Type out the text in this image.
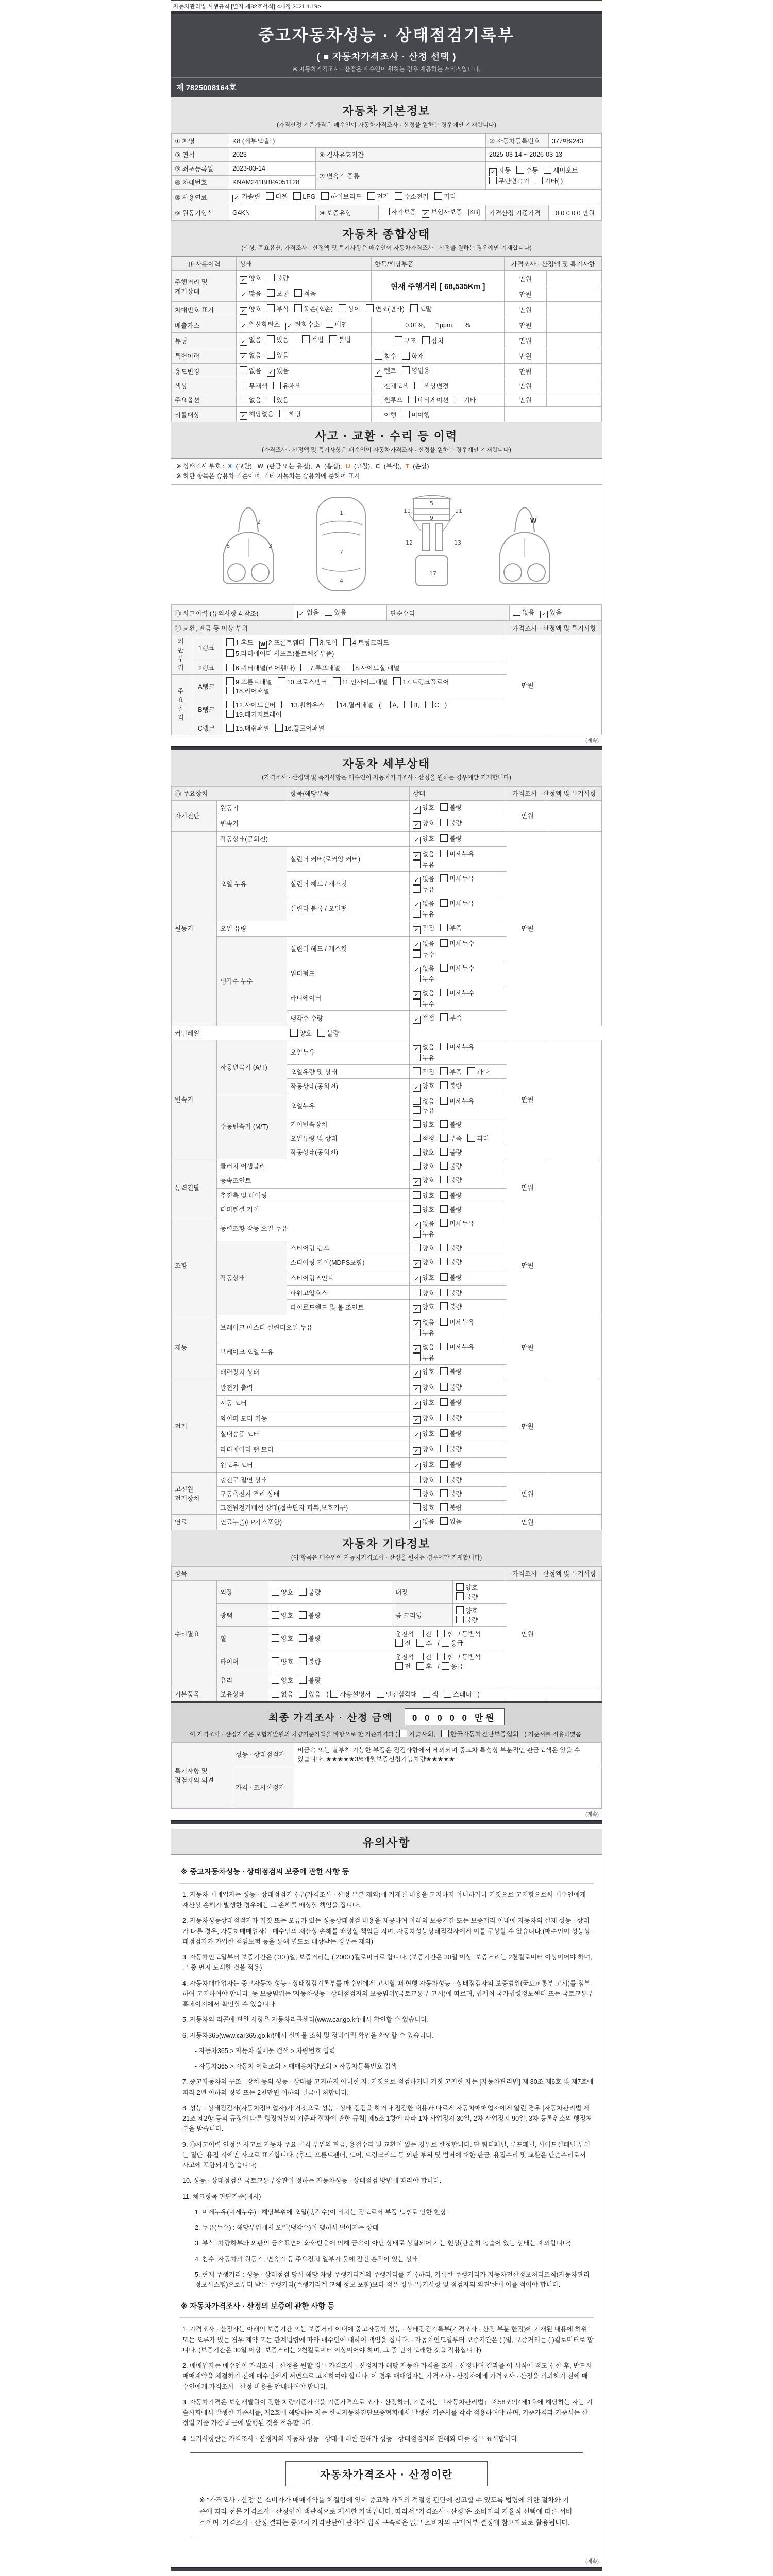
자동차관리법 시행규칙 [별지 제82호서식] <개정 2021.1.19>
중고자동차성능 · 상태점검기록부
( ■ 자동차가격조사 · 산정 선택 )
※ 자동차가격조사 · 산정은 매수인이 원하는 경우 제공하는 서비스입니다.
제 7825008164호
자동차 기본정보
(가격산정 기준가격은 매수인이 자동차가격조사 · 산정을 원하는 경우에만 기재합니다)
① 차명	K8 (세부모델: )			② 자동차등록번호	377마9243
③ 연식	2023	④ 검사유효기간		2025-03-14 ~ 2026-03-13	
⑤ 최초등록일	2023-03-14	⑦ 변속기 종류		✓ 자동 수동 세미오토
무단변속기 기타( )	
⑥ 차대번호	KNAM241BBPA051128				
⑧ 사용연료	✓ 가솔린 디젤 LPG 하이브리드 전기 수소전기 기타				
⑨ 원동기형식	G4KN	⑩ 보증유형	자가보증 ✓ 보험사보증 [KB]	가격산정 기준가격	0 0 0 0 0 만원
자동차 종합상태
(색상, 주요옵션, 가격조사 · 산정액 및 특기사항은 매수인이 자동차가격조사 · 산정을 원하는 경우에만 기재합니다)
⑪ 사용이력	상태	항목/해당부품	가격조사 · 산정액 및 특기사항	
주행거리 및 계기상태	✓ 양호 불량	현재 주행거리 [ 68,535Km ]	만원	
	✓ 많음 보통 적음		만원	
차대번호 표기	✓ 양호 부식 훼손(오손) 상이 변조(변타) 도말		만원	
배출가스	✓ 일산화탄소 ✓ 탄화수소 매연	0.01%,      1ppm,      %	만원	
튜닝	✓ 없음 있음 적법 불법	구조 장치	만원	
특별이력	✓ 없음 있음	침수 화재	만원	
용도변경	없음 ✓ 있음	✓ 렌트 영업용	만원	
색상	무채색 유채색	전체도색 색상변경	만원	
주요옵션	없음 있음	썬루프 네비게이션 기타	만원	
리콜대상	✓ 해당없음 해당	이행 미이행		
사고 · 교환 · 수리 등 이력
(가격조사 · 산정액 및 특기사항은 매수인이 자동차가격조사 · 산정을 원하는 경우에만 기재합니다)
※ 상태표시 부호 : X (교환), W (판금 또는 용접), A (흠집), U (요철), C (부식), T (손상)
※ 하단 항목은 승용차 기준이며, 기타 자동차는 승용차에 준하여 표시
2
3
6
1
4
7
11
5
9
11
12	13
17
W
⑬ 사고이력 (유의사항 4.참조)	✓ 없음 있음	단순수리	없음 ✓ 있음
⑭ 교환, 판금 등 이상 부위			가격조사 · 산정액 및 특기사항	
외판부위	1랭크	1.후드 W 2.프론트휀더 3.도어 4.트렁크리드
5.라디에이터 서포트(볼트체결부품)	만원	
	2랭크	6.쿼터패널(리어휀다) 7.루프패널 8.사이드실 패널		
주요골격	A랭크	9.프론트패널 10.크로스멤버 11.인사이드패널 17.트렁크플로어
18.리어패널		
	B랭크	12.사이드멤버 13.휠하우스 14.필러패널 ( A, B, C )
19.패키지트레이		
	C랭크	15.대쉬패널 16.플로어패널		
(계속)
자동차 세부상태
(가격조사 · 산정액 및 특기사항은 매수인이 자동차가격조사 · 산정을 원하는 경우에만 기재합니다)
⑮ 주요장치		항목/해당부품	상태	가격조사 · 산정액 및 특기사항	
자기진단	원동기		✓ 양호 불량	만원	
	변속기		✓ 양호 불량		
원동기	작동상태(공회전)		✓ 양호 불량	만원	
	오일 누유	실린더 커버(로커암 커버)	✓ 없음 미세누유누유		
		실린더 헤드 / 개스킷	✓ 없음 미세누유누유		
		실린더 블록 / 오일팬	✓ 없음 미세누유누유		
	오일 유량		✓ 적정 부족		
	냉각수 누수	실린더 헤드 / 개스킷	✓ 없음 미세누수누수		
		워터펌프	✓ 없음 미세누수누수		
		라디에이터	✓ 없음 미세누수누수		
		냉각수 수량	✓ 적정 부족		
커먼레일		양호 불량			
변속기	자동변속기 (A/T)	오일누유	✓ 없음 미세누유누유	만원	
		오일유량 및 상태	적정 부족 과다		
		작동상태(공회전)	✓ 양호 불량		
	수동변속기 (M/T)	오일누유	없음 미세누유누유		
		기어변속장치	양호 불량		
		오일유량 및 상태	적정 부족 과다		
		작동상태(공회전)	양호 불량		
동력전달	클러치 어셈블리		양호 불량	만원	
	등속조인트		✓ 양호 불량		
	추진축 및 베어링		양호 불량		
	디퍼렌셜 기어		양호 불량		
조향	동력조향 작동 오일 누유		✓ 없음 미세누유누유	만원	
	작동상태	스티어링 펌프	양호 불량		
		스티어링 기어(MDPS포함)	✓ 양호 불량		
		스티어링조인트	✓ 양호 불량		
		파워고압호스	양호 불량		
		타이로드엔드 및 볼 조인트	✓ 양호 불량		
제동	브레이크 마스터 실린더오일 누유		✓ 없음 미세누유누유	만원	
	브레이크 오일 누유		✓ 없음 미세누유누유		
	배력장치 상태		✓ 양호 불량		
전기	발전기 출력		✓ 양호 불량	만원	
	시동 모터		✓ 양호 불량		
	와이퍼 모터 기능		✓ 양호 불량		
	실내송풍 모터		✓ 양호 불량		
	라디에이터 팬 모터		✓ 양호 불량		
	윈도우 모터		✓ 양호 불량		
고전원 전기장치	충전구 절연 상태		양호 불량	만원	
	구동축전지 격리 상태		양호 불량		
	고전원전기배선 상태(접속단자,피복,보호기구)		양호 불량		
연료	연료누출(LP가스포함)		✓ 없음 있음	만원	
자동차 기타정보
(이 항목은 매수인이 자동차가격조사 · 산정을 원하는 경우에만 기재합니다)
항목					가격조사 · 산정액 및 특기사항	
수리필요	외장	양호 불량	내장	양호불량	만원	
	광택	양호 불량	룸 크리닝	양호불량		
	휠	양호 불량	운전석 전 후 / 동반석전 후 / 응급			
	타이어	양호 불량	운전석 전 후 / 동반석전 후 / 응급			
	유리	양호 불량				
기본품목	보유상태	없음 있음 ( 사용설명서 안전삼각대 잭 스패너 )				
최종 가격조사 · 산정 금액 0 0 0 0 0 만원
이 가격조사 · 산정가격은 보험개발원의 차량기준가액을 바탕으로 한 기준가격과 ( 기술사회, 한국자동차진단보증협회 ) 기준서를 적용하였음
특기사항 및 점검자의 의견	성능 · 상태점검자	비금속 또는 탈부착 가능한 부품은 점검사항에서 제외되며 중고차 특성상 부분적인 판금도색은 있을 수 있습니다. ★★★★★3/6개월보증신청가능차량★★★★★
	가격 · 조사산정자	
(계속)
유의사항
※ 중고자동차성능 · 상태점검의 보증에 관한 사항 등
1. 자동차 매매업자는 성능 · 상태점검기록부(가격조사 · 산정 부분 제외)에 기재된 내용을 고지하지 아니하거나 거짓으로 고지함으로써 매수인에게 재산상 손해가 발생한 경우에는 그 손해를 배상할 책임을 집니다.
2. 자동차성능상태점검자가 거짓 또는 오류가 있는 성능상태점검 내용을 제공하여 아래의 보증기간 또는 보증거리 이내에 자동차의 실제 성능 · 상태가 다른 경우, 자동차매매업자는 매수인의 재산상 손해를 배상할 책임을 지며, 자동차성능상태점검자에게 이를 구상할 수 있습니다.(매수인이 성능상태점검자가 가입한 책임보험 등을 통해 별도로 배상받는 경우는 제외)
3. 자동차인도일부터 보증기간은 ( 30 )일, 보증거리는 ( 2000 )킬로미터로 합니다. (보증기간은 30일 이상, 보증거리는 2천킬로미터 이상이어야 하며, 그 중 먼저 도래한 것을 적용)
4. 자동차매매업자는 중고자동차 성능 · 상태점검기록부를 매수인에게 고지할 때 현행 자동차성능 · 상태점검자의 보증범위(국토교통부 고시)를 첨부하여 고지하여야 합니다. 동 보증범위는 '자동차성능 · 상태점검자의 보증범위'(국토교통부 고시)에 따르며, 법제처 국가법령정보센터 또는 국토교통부 홈페이지에서 확인할 수 있습니다.
5. 자동차의 리콜에 관한 사항은 자동차리콜센터(www.car.go.kr)에서 확인할 수 있습니다.
6. 자동차365(www.car365.go.kr)에서 실매물 조회 및 정비이력 확인을 확인할 수 있습니다.
- 자동차365 > 자동차 실매물 검색 > 차량번호 입력
- 자동차365 > 자동차 이력조회 > 매매용차량조회 > 자동차등록번호 검색
7. 중고자동차의 구조 · 장치 등의 성능 · 상태를 고지하지 아니한 자, 거짓으로 점검하거나 거짓 고지한 자는 [자동차관리법] 제 80조 제6호 및 제7호에 따라 2년 이하의 징역 또는 2천만원 이하의 벌금에 처합니다.
8. 성능 · 상태점검자(자동차정비업자)가 거짓으로 성능 · 상태 점검을 하거나 점검한 내용과 다르게 자동차매매업자에게 알린 경우 [자동차관리법 제21조 제2항 등의 규정에 따른 행정처분의 기준과 절차에 관한 규칙] 제5조 1항에 따라 1차 사업정지 30일, 2차 사업정지 90일, 3차 등록취소의 행정처분을 받습니다.
9. ⑬사고이력 인정은 사고로 자동차 주요 골격 부위의 판금, 용접수리 및 교환이 있는 경우로 한정합니다. 단 쿼터패널, 루프패널, 사이드실패널 부위는 절단, 용접 시에만 사고로 표기합니다. (후드, 프론트펜더, 도어, 트렁크리드 등 외판 부위 및 범퍼에 대한 판금, 용접수리 및 교환은 단순수리로서 사고에 포함되지 않습니다)
10. 성능 · 상태점검은 국토교통부장관이 정하는 자동차성능 · 상태점검 방법에 따라야 합니다.
11. 체크항목 판단기준(예시)
1. 미세누유(미세누수) : 해당부위에 오일(냉각수)이 비치는 정도로서 부품 노후로 인한 현상
2. 누유(누수) : 해당부위에서 오일(냉각수)이 맺혀서 떨어지는 상태
3. 부식: 차량하부와 외판의 금속표면이 화학반응에 의해 금속이 아닌 상태로 상실되어 가는 현상(단순히 녹슬어 있는 상태는 제외합니다)
4. 침수: 자동차의 원동기, 변속기 등 주요장치 일부가 물에 잠긴 흔적이 있는 상태
5. 현재 주행거리 : 성능 · 상태점검 당시 해당 차량 주행거리계의 주행거리를 기록하되, 기록한 주행거리가 자동차전산정보처리조직(자동차관리정보시스템)으로부터 받은 주행거리(주행거리계 교체 정보 포함)보다 적은 경우 '특기사항 및 점검자의 의견'란에 이를 적어야 합니다.
※ 자동차가격조사 · 산정의 보증에 관한 사항 등
1. 가격조사 · 산정자는 아래의 보증기간 또는 보증거리 이내에 중고자동차 성능 · 상태점검기록부(가격조사 · 산정 부분 한정)에 기재된 내용에 허위 또는 오류가 있는 경우 계약 또는 관계법령에 따라 매수인에 대하여 책임을 집니다. · 자동차인도일부터 보증기간은 ( )일, 보증거리는 ( )킬로미터로 합니다. (보증기간은 30일 이상, 보증거리는 2천킬로미터 이상이어야 하며, 그 중 먼저 도래한 것을 적용합니다)
2. 매매업자는 매수인이 가격조사 · 산정을 원할 경우 가격조사 · 산정자가 해당 자동차 가격을 조사 · 산정하여 결과를 이 서식에 적도록 한 후, 반드시 매매계약을 체결하기 전에 매수인에게 서면으로 고지하여야 합니다. 이 경우 매매업자는 가격조사 · 산정자에게 가격조사 · 산정을 의뢰하기 전에 매수인에게 가격조사 · 산정 비용을 안내하여야 합니다.
3. 자동차가격은 보험개발원이 정한 차량기준가액을 기준가격으로 조사 · 산정하되, 기준서는 「자동차관리법」 제58조의4제1호에 해당하는 자는 기술사회에서 발행한 기준서를, 제2호에 해당하는 자는 한국자동차진단보증협회에서 발행한 기준서를 각각 적용하여야 하며, 기준가격과 기준서는 산정일 기준 가장 최근에 발행된 것을 적용합니다.
4. 특기사항란은 가격조사 · 산정자의 자동차 성능 · 상태에 대한 견해가 성능 · 상태점검자의 견해와 다를 경우 표시합니다.
자동차가격조사 · 산정이란
※ "가격조사 · 산정"은 소비자가 매매계약을 체결함에 있어 중고차 가격의 적절성 판단에 참고할 수 있도록 법령에 의한 절차와 기준에 따라 전문 가격조사 · 산정인이 객관적으로 제시한 가액입니다. 따라서 "가격조사 · 산정"은 소비자의 자율적 선택에 따른 서비스이며, 가격조사 · 산정 결과는 중고차 가격판단에 관하여 법적 구속력은 없고 소비자의 구매여부 결정에 참고자료로 활용됩니다.
(계속)
